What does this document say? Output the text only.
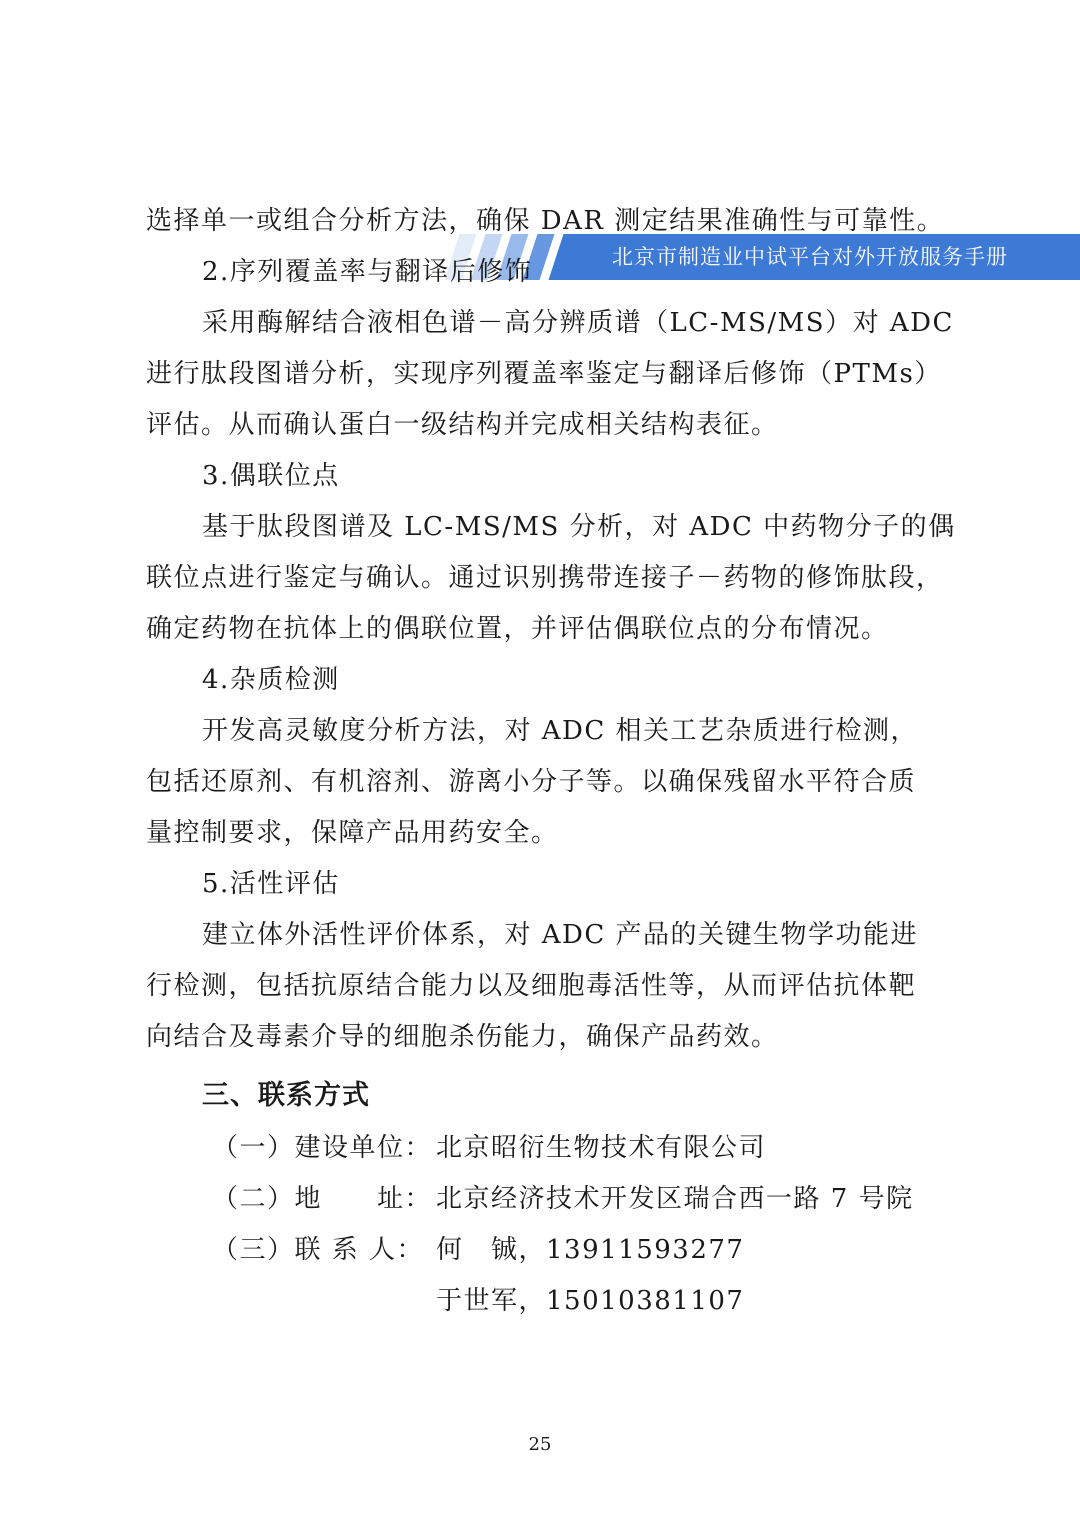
北京市制造业中试平台对外开放服务手册
选择单一或组合分析方法，确保 DAR 测定结果准确性与可靠性。
2.序列覆盖率与翻译后修饰
采用酶解结合液相色谱－高分辨质谱（LC-MS/MS）对 ADC
进行肽段图谱分析，实现序列覆盖率鉴定与翻译后修饰（PTMs）
评估。从而确认蛋白一级结构并完成相关结构表征。
3.偶联位点
基于肽段图谱及 LC-MS/MS 分析，对 ADC 中药物分子的偶
联位点进行鉴定与确认。通过识别携带连接子－药物的修饰肽段，
确定药物在抗体上的偶联位置，并评估偶联位点的分布情况。
4.杂质检测
开发高灵敏度分析方法，对 ADC 相关工艺杂质进行检测，
包括还原剂、有机溶剂、游离小分子等。以确保残留水平符合质
量控制要求，保障产品用药安全。
5.活性评估
建立体外活性评价体系，对 ADC 产品的关键生物学功能进
行检测，包括抗原结合能力以及细胞毒活性等，从而评估抗体靶
向结合及毒素介导的细胞杀伤能力，确保产品药效。
三、联系方式
（一）建设单位： 北京昭衍生物技术有限公司
（二）地　　址： 北京经济技术开发区瑞合西一路 7 号院
（三）联 系 人： 何　铖，13911593277
于世军，15010381107
25
